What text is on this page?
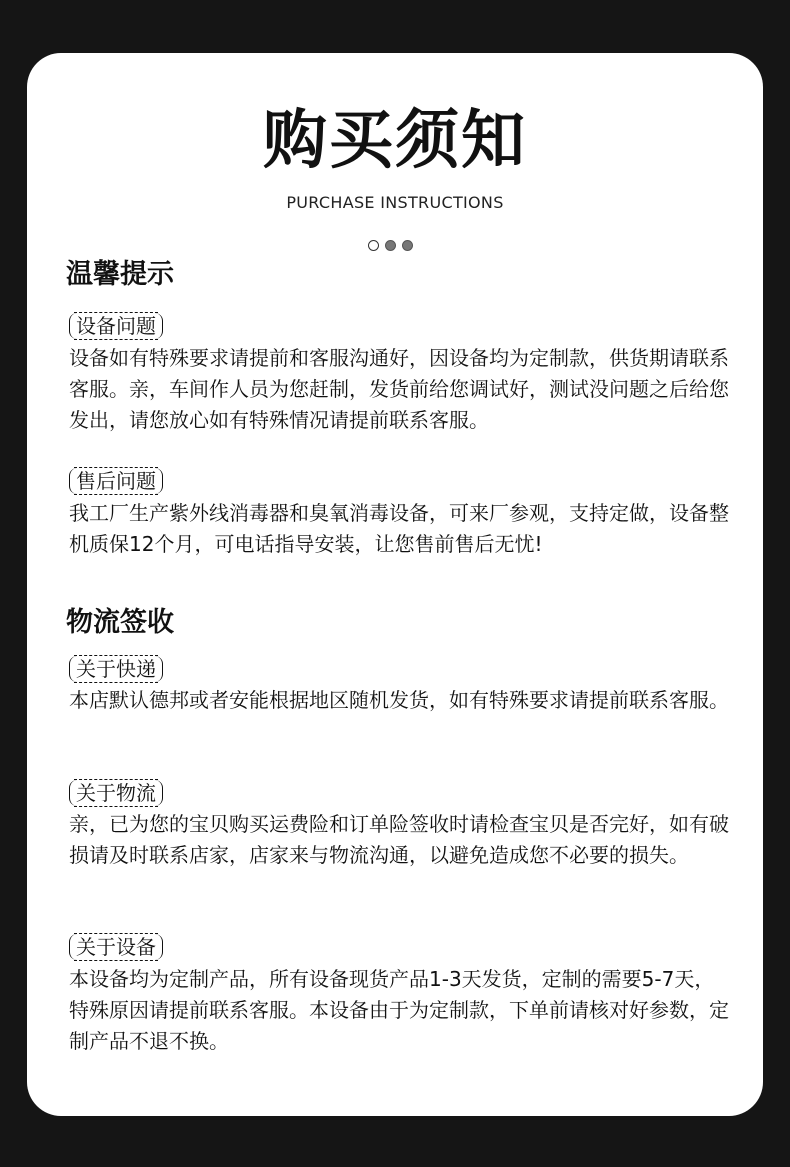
购买须知
PURCHASE INSTRUCTIONS
温馨提示
设备问题
设备如有特殊要求请提前和客服沟通好，因设备均为定制款，供货期请联系客服。亲，车间作人员为您赶制，发货前给您调试好，测试没问题之后给您发出，请您放心如有特殊情况请提前联系客服。
售后问题
我工厂生产紫外线消毒器和臭氧消毒设备，可来厂参观，支持定做，设备整机质保12个月，可电话指导安装，让您售前售后无忧!
物流签收
关于快递
本店默认德邦或者安能根据地区随机发货，如有特殊要求请提前联系客服。
关于物流
亲，已为您的宝贝购买运费险和订单险签收时请检查宝贝是否完好，如有破损请及时联系店家，店家来与物流沟通，以避免造成您不必要的损失。
关于设备
本设备均为定制产品，所有设备现货产品1-3天发货，定制的需要5-7天，特殊原因请提前联系客服。本设备由于为定制款，下单前请核对好参数，定制产品不退不换。
